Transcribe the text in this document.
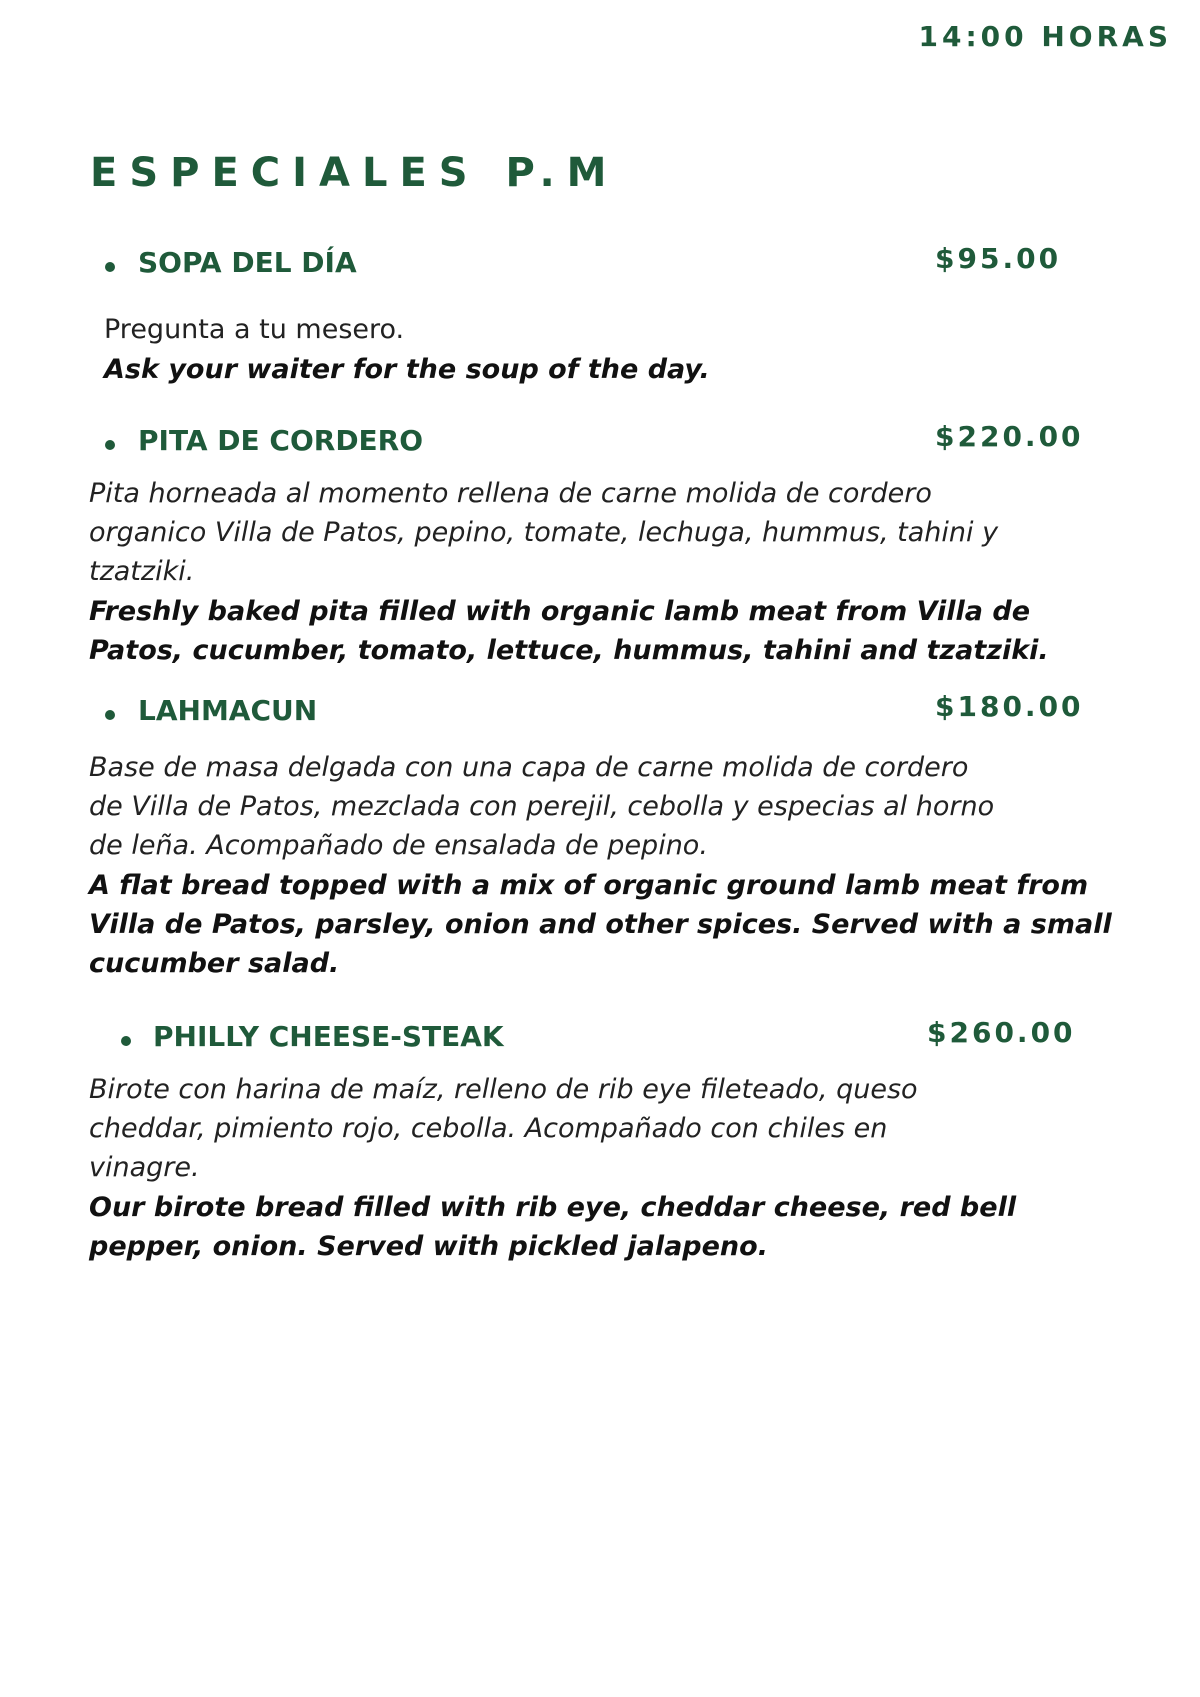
14:00 HORAS
ESPECIALES P.M
SOPA DEL DÍA	$95.00
Pregunta a tu mesero.
Ask your waiter for the soup of the day.
PITA DE CORDERO	$220.00
Pita horneada al momento rellena de carne molida de cordero
organico Villa de Patos, pepino, tomate, lechuga, hummus, tahini y
tzatziki.
Freshly baked pita filled with organic lamb meat from Villa de
Patos, cucumber, tomato, lettuce, hummus, tahini and tzatziki.
LAHMACUN	$180.00
Base de masa delgada con una capa de carne molida de cordero
de Villa de Patos, mezclada con perejil, cebolla y especias al horno
de leña. Acompañado de ensalada de pepino.
A flat bread topped with a mix of organic ground lamb meat from
Villa de Patos, parsley, onion and other spices. Served with a small
cucumber salad.
PHILLY CHEESE-STEAK	$260.00
Birote con harina de maíz, relleno de rib eye fileteado, queso
cheddar, pimiento rojo, cebolla. Acompañado con chiles en
vinagre.
Our birote bread filled with rib eye, cheddar cheese, red bell
pepper, onion. Served with pickled jalapeno.
